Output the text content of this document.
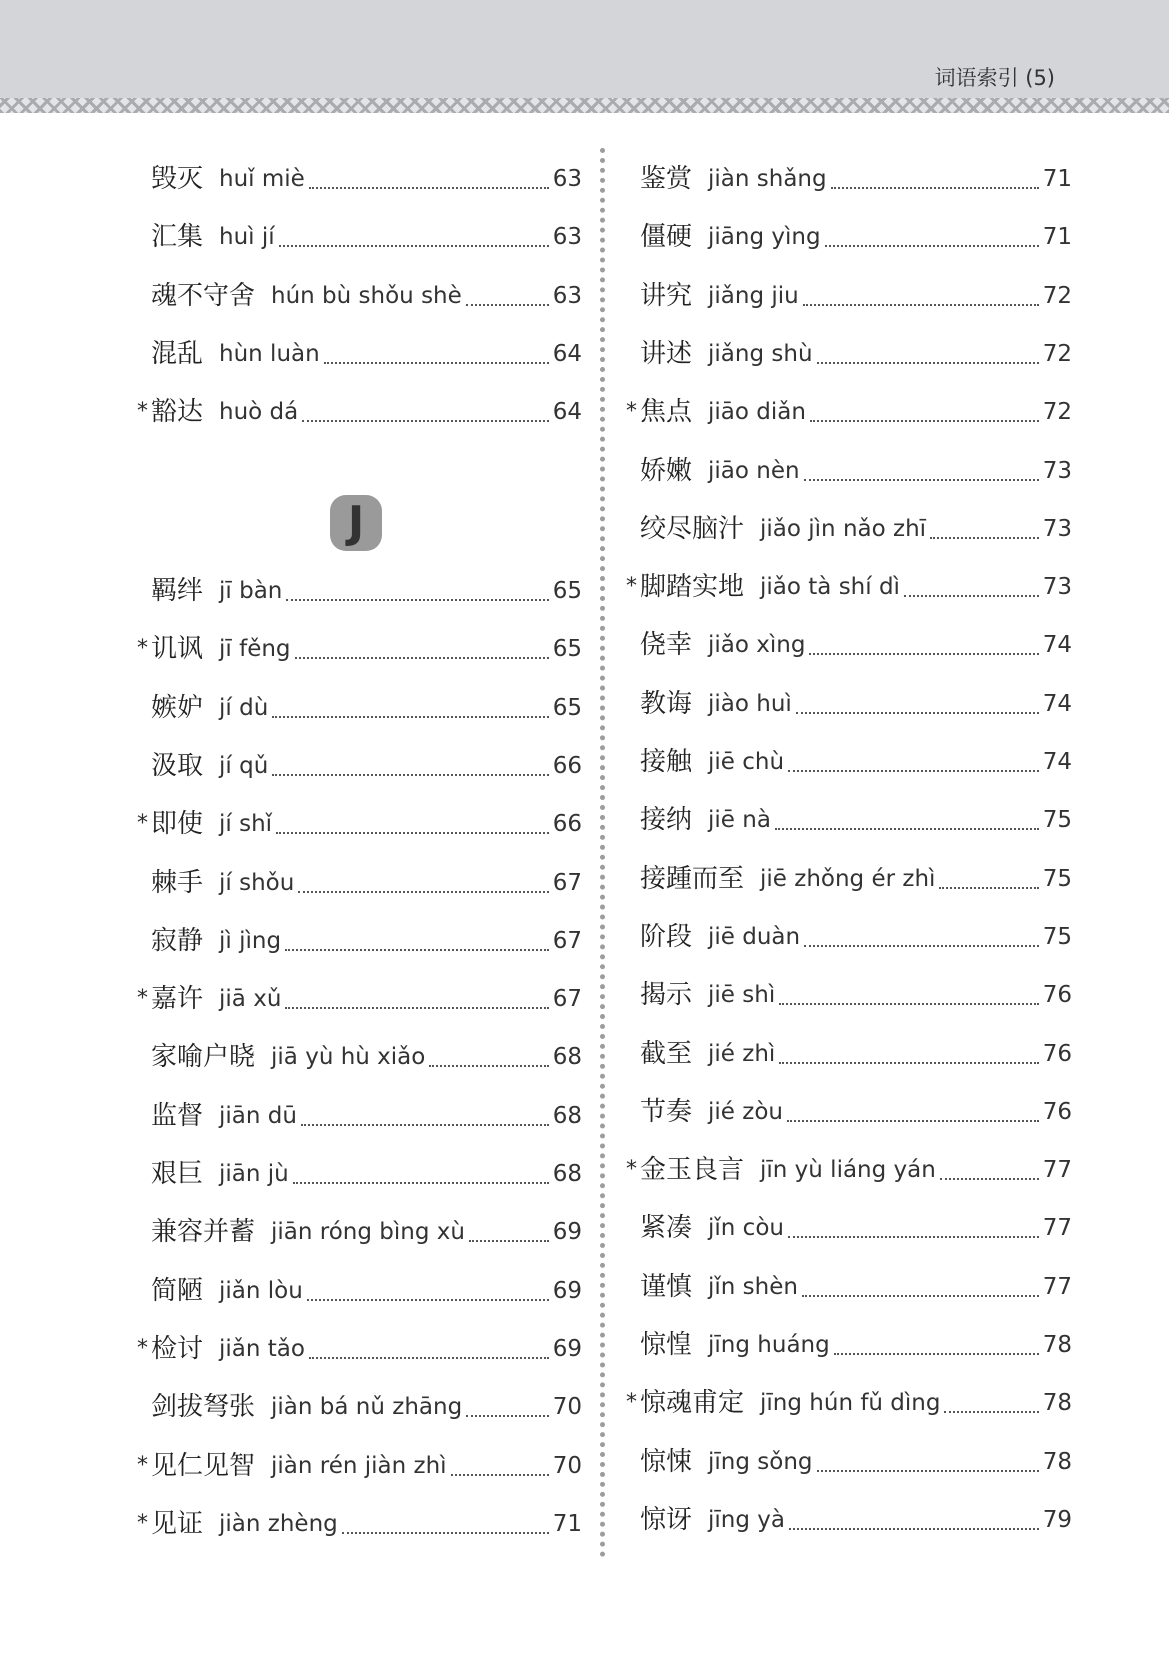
词语索引 (5)
J
毁灭 huǐ miè	63
汇集 huì jí	63
魂不守舍 hún bù shǒu shè	63
混乱 hùn luàn	64
* 豁达 huò dá	64
羁绊 jī bàn	65
* 讥讽 jī fěng	65
嫉妒 jí dù	65
汲取 jí qǔ	66
* 即使 jí shǐ	66
棘手 jí shǒu	67
寂静 jì jìng	67
* 嘉许 jiā xǔ	67
家喻户晓 jiā yù hù xiǎo	68
监督 jiān dū	68
艰巨 jiān jù	68
兼容并蓄 jiān róng bìng xù	69
简陋 jiǎn lòu	69
* 检讨 jiǎn tǎo	69
剑拔弩张 jiàn bá nǔ zhāng	70
* 见仁见智 jiàn rén jiàn zhì	70
* 见证 jiàn zhèng	71
鉴赏 jiàn shǎng	71
僵硬 jiāng yìng	71
讲究 jiǎng jiu	72
讲述 jiǎng shù	72
* 焦点 jiāo diǎn	72
娇嫩 jiāo nèn	73
绞尽脑汁 jiǎo jìn nǎo zhī	73
* 脚踏实地 jiǎo tà shí dì	73
侥幸 jiǎo xìng	74
教诲 jiào huì	74
接触 jiē chù	74
接纳 jiē nà	75
接踵而至 jiē zhǒng ér zhì	75
阶段 jiē duàn	75
揭示 jiē shì	76
截至 jié zhì	76
节奏 jié zòu	76
* 金玉良言 jīn yù liáng yán	77
紧凑 jǐn còu	77
谨慎 jǐn shèn	77
惊惶 jīng huáng	78
* 惊魂甫定 jīng hún fǔ dìng	78
惊悚 jīng sǒng	78
惊讶 jīng yà	79
